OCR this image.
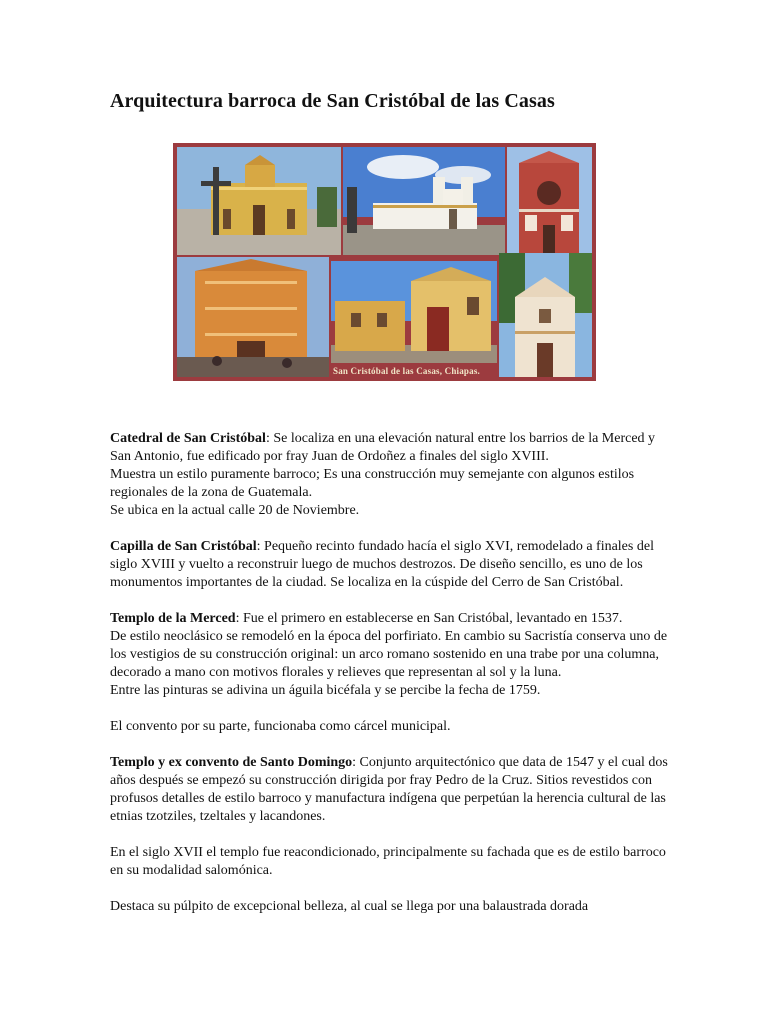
Arquitectura barroca de San Cristóbal de las Casas
San Cristóbal de las Casas, Chiapas.

Catedral de San Cristóbal: Se localiza en una elevación natural entre los barrios de la Merced y San Antonio, fue edificado por fray Juan de Ordoñez a finales del siglo XVIII.
Muestra un estilo puramente barroco; Es una construcción muy semejante con algunos estilos regionales de la zona de Guatemala.
Se ubica en la actual calle 20 de Noviembre.

Capilla de San Cristóbal: Pequeño recinto fundado hacía el siglo XVI, remodelado a finales del siglo XVIII y vuelto a reconstruir luego de muchos destrozos. De diseño sencillo, es uno de los monumentos importantes de la ciudad. Se localiza en la cúspide del Cerro de San Cristóbal.

Templo de la Merced: Fue el primero en establecerse en San Cristóbal, levantado en 1537.
De estilo neoclásico se remodeló en la época del porfiriato. En cambio su Sacristía conserva uno de los vestigios de su construcción original: un arco romano sostenido en una trabe por una columna, decorado a mano con motivos florales y relieves que representan al sol y la luna.
Entre las pinturas se adivina un águila bicéfala y se percibe la fecha de 1759.

El convento por su parte, funcionaba como cárcel municipal.

Templo y ex convento de Santo Domingo: Conjunto arquitectónico que data de 1547 y el cual dos años después se empezó su construcción dirigida por fray Pedro de la Cruz. Sitios revestidos con profusos detalles de estilo barroco y manufactura indígena que perpetúan la herencia cultural de las etnias tzotziles, tzeltales y lacandones.

En el siglo XVII el templo fue reacondicionado, principalmente su fachada que es de estilo barroco en su modalidad salomónica.

Destaca su púlpito de excepcional belleza, al cual se llega por una balaustrada dorada
